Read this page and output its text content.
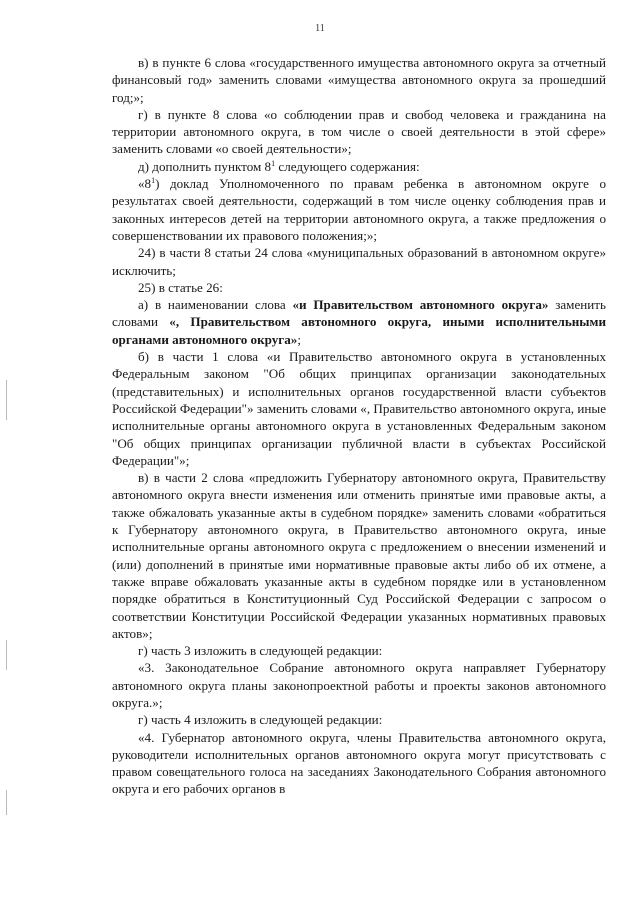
11

в) в пункте 6 слова «государственного имущества автономного округа за отчетный финансовый год» заменить словами «имущества автономного округа за прошедший год;»;

г) в пункте 8 слова «о соблюдении прав и свобод человека и гражданина на территории автономного округа, в том числе о своей деятельности в этой сфере» заменить словами «о своей деятельности»;

д) дополнить пунктом $8^1$ следующего содержания:

«$8^1$) доклад Уполномоченного по правам ребенка в автономном округе о результатах своей деятельности, содержащий в том числе оценку соблюдения прав и законных интересов детей на территории автономного округа, а также предложения о совершенствовании их правового положения;»;

24) в части 8 статьи 24 слова «муниципальных образований в автономном округе» исключить;

25) в статье 26:

а) в наименовании слова «и Правительством автономного округа» заменить словами «, Правительством автономного округа, иными исполнительными органами автономного округа»;

б) в части 1 слова «и Правительство автономного округа в установленных Федеральным законом "Об общих принципах организации законодательных (представительных) и исполнительных органов государственной власти субъектов Российской Федерации"» заменить словами «, Правительство автономного округа, иные исполнительные органы автономного округа в установленных Федеральным законом "Об общих принципах организации публичной власти в субъектах Российской Федерации"»;

в) в части 2 слова «предложить Губернатору автономного округа, Правительству автономного округа внести изменения или отменить принятые ими правовые акты, а также обжаловать указанные акты в судебном порядке» заменить словами «обратиться к Губернатору автономного округа, в Правительство автономного округа, иные исполнительные органы автономного округа с предложением о внесении изменений и (или) дополнений в принятые ими нормативные правовые акты либо об их отмене, а также вправе обжаловать указанные акты в судебном порядке или в установленном порядке обратиться в Конституционный Суд Российской Федерации с запросом о соответствии Конституции Российской Федерации указанных нормативных правовых актов»;

г) часть 3 изложить в следующей редакции:

«3. Законодательное Собрание автономного округа направляет Губернатору автономного округа планы законопроектной работы и проекты законов автономного округа.»;

г) часть 4 изложить в следующей редакции:

«4. Губернатор автономного округа, члены Правительства автономного округа, руководители исполнительных органов автономного округа могут присутствовать с правом совещательного голоса на заседаниях Законодательного Собрания автономного округа и его рабочих органов в
